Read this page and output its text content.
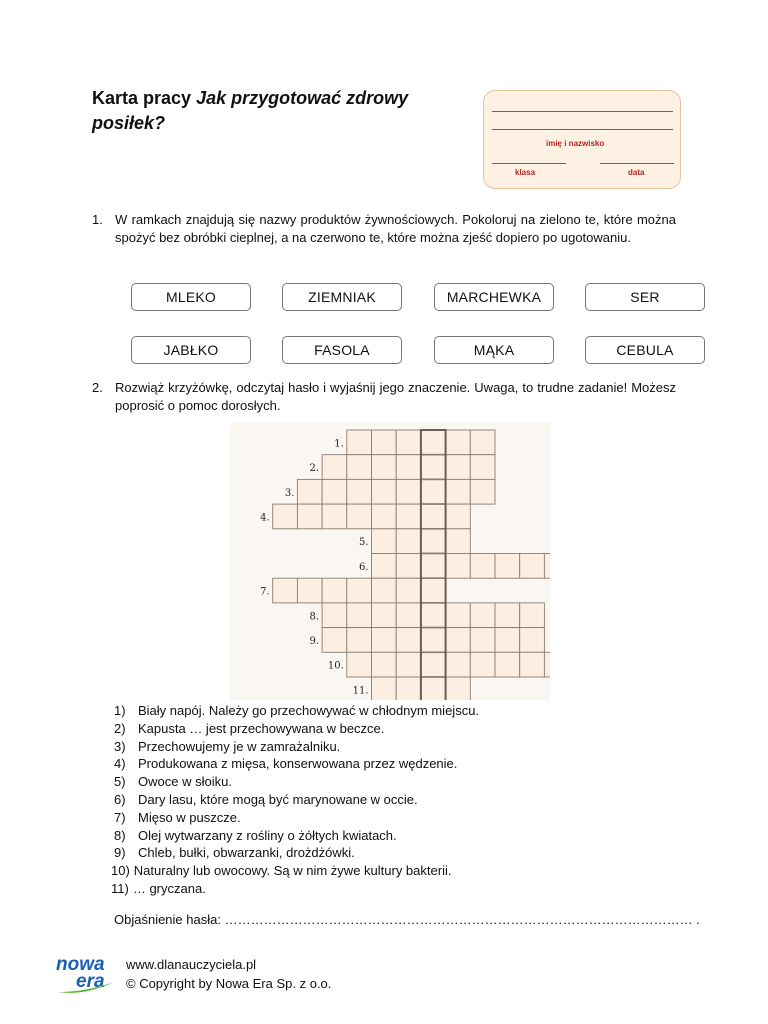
Karta pracy Jak przygotować zdrowy posiłek?
imię i nazwisko
klasa	data
1. W ramkach znajdują się nazwy produktów żywnościowych. Pokoloruj na zielono te, które można spożyć bez obróbki cieplnej, a na czerwono te, które można zjeść dopiero po ugotowaniu.
MLEKO	ZIEMNIAK	MARCHEWKA	SER
JABŁKO	FASOLA	MĄKA	CEBULA
2. Rozwiąż krzyżówkę, odczytaj hasło i wyjaśnij jego znaczenie. Uwaga, to trudne zadanie! Możesz poprosić o pomoc dorosłych.
1.
2.
3.
4.
5.
6.
7.
8.
9.
10.
11.
1) Biały napój. Należy go przechowywać w chłodnym miejscu.
2) Kapusta … jest przechowywana w beczce.
3) Przechowujemy je w zamrażalniku.
4) Produkowana z mięsa, konserwowana przez wędzenie.
5) Owoce w słoiku.
6) Dary lasu, które mogą być marynowane w occie.
7) Mięso w puszcze.
8) Olej wytwarzany z rośliny o żółtych kwiatach.
9) Chleb, bułki, obwarzanki, drożdżówki.
10) Naturalny lub owocowy. Są w nim żywe kultury bakterii.
11) … gryczana.
Objaśnienie hasła: ……………………………………………………………………………………………… .
nowa
era
www.dlanauczyciela.pl
© Copyright by Nowa Era Sp. z o.o.
